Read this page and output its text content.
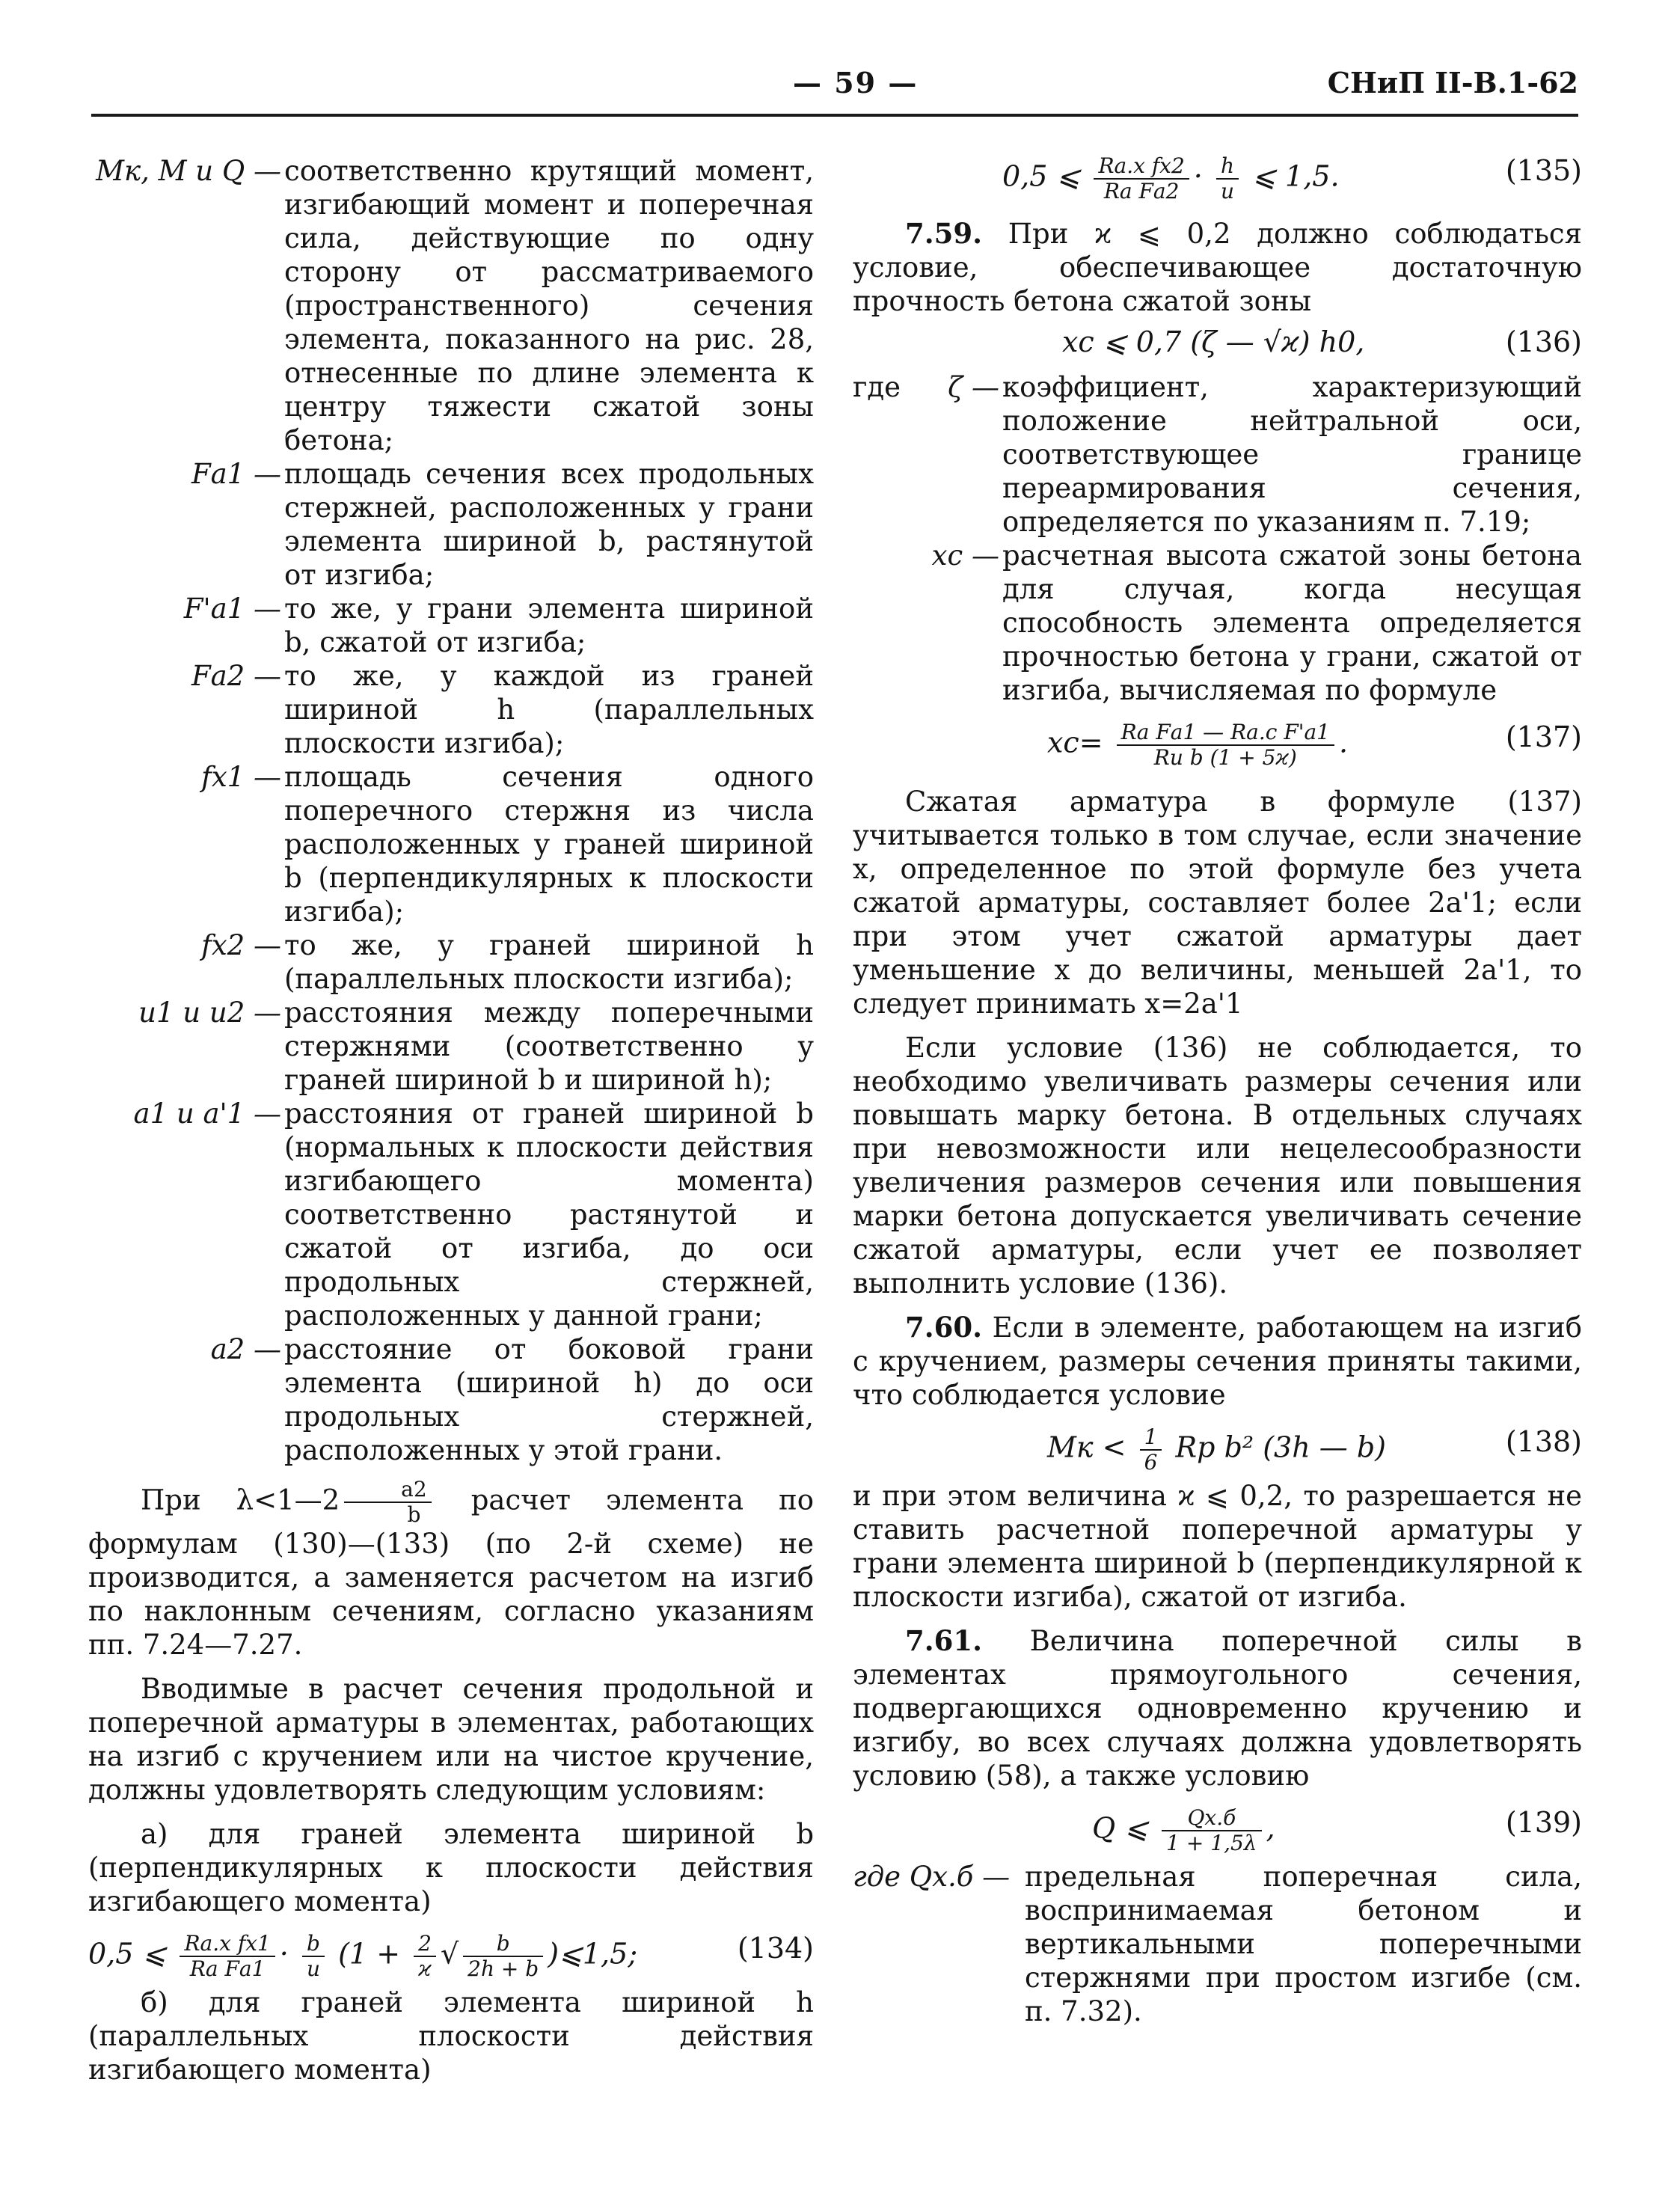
— 59 —	СНиП II-В.1-62
Mк, M и Q — соответственно крутящий момент, изгибающий момент и поперечная сила, действующие по одну сторону от рассматриваемого (пространственного) сечения элемента, показанного на рис. 28, отнесенные по длине элемента к центру тяжести сжатой зоны бетона;
Fа1 — площадь сечения всех продольных стержней, расположенных у грани элемента шириной b, растянутой от изгиба;
F'а1 — то же, у грани элемента шириной b, сжатой от изгиба;
Fа2 — то же, у каждой из граней шириной h (параллельных плоскости изгиба);
fх1 — площадь сечения одного поперечного стержня из числа расположенных у граней шириной b (перпендикулярных к плоскости изгиба);
fх2 — то же, у граней шириной h (параллельных плоскости изгиба);
u1 и u2 — расстояния между поперечными стержнями (соответственно у граней шириной b и шириной h);
a1 и a'1 — расстояния от граней шириной b (нормальных к плоскости действия изгибающего момента) соответственно растянутой и сжатой от изгиба, до оси продольных стержней, расположенных у данной грани;
a2 — расстояние от боковой грани элемента (шириной h) до оси продольных стержней, расположенных у этой грани.

При λ<1—2 $\frac{a2}{b}$ расчет элемента по формулам (130)—(133) (по 2-й схеме) не производится, а заменяется расчетом на изгиб по наклонным сечениям, согласно указаниям пп. 7.24—7.27.

Вводимые в расчет сечения продольной и поперечной арматуры в элементах, работающих на изгиб с кручением или на чистое кручение, должны удовлетворять следующим условиям:

а) для граней элемента шириной b (перпендикулярных к плоскости действия изгибающего момента)

0,5 ⩽ $\frac{\text{Rа.х fх1}}{\text{Rа Fа1}} \cdot \frac{b}{u} (1 + \frac{2}{ϰ}$ √ $\frac{b}{2h + b}$ )⩽1,5;	(134)

б) для граней элемента шириной h (параллельных плоскости действия изгибающего момента)

0,5 ⩽ $\frac{\text{Rа.х fх2}}{\text{Rа Fа2}} \cdot \frac{h}{u}$ ⩽ 1,5.	(135)

7.59. При ϰ ⩽ 0,2 должно соблюдаться условие, обеспечивающее достаточную прочность бетона сжатой зоны

xс ⩽ 0,7 (ζ — √ϰ) h0,	(136)
где	ζ — коэффициент, характеризующий положение нейтральной оси, соответствующее границе переармирования сечения, определяется по указаниям п. 7.19;
xс — расчетная высота сжатой зоны бетона для случая, когда несущая способность элемента определяется прочностью бетона у грани, сжатой от изгиба, вычисляемая по формуле
$xс= \frac{\text{Rа Fа1 — Rа.с F'а1}}{\text{Rи b (1 + 5ϰ)}}$ .	(137)

Сжатая арматура в формуле (137) учитывается только в том случае, если значение x, определенное по этой формуле без учета сжатой арматуры, составляет более 2a'1; если при этом учет сжатой арматуры дает уменьшение x до величины, меньшей 2a'1, то следует принимать x=2a'1

Если условие (136) не соблюдается, то необходимо увеличивать размеры сечения или повышать марку бетона. В отдельных случаях при невозможности или нецелесообразности увеличения размеров сечения или повышения марки бетона допускается увеличивать сечение сжатой арматуры, если учет ее позволяет выполнить условие (136).

7.60. Если в элементе, работающем на изгиб с кручением, размеры сечения приняты такими, что соблюдается условие

Mк < $\frac{1}{6}$ Rр b² (3h — b)	(138)

и при этом величина ϰ ⩽ 0,2, то разрешается не ставить расчетной поперечной арматуры у грани элемента шириной b (перпендикулярной к плоскости изгиба), сжатой от изгиба.

7.61. Величина поперечной силы в элементах прямоугольного сечения, подвергающихся одновременно кручению и изгибу, во всех случаях должна удовлетворять условию (58), а также условию

Q ⩽ $\frac{Qх.б}{1 + 1,5\lambda}$ ,	(139)
где Qх.б — предельная поперечная сила, воспринимаемая бетоном и вертикальными поперечными стержнями при простом изгибе (см. п. 7.32).
